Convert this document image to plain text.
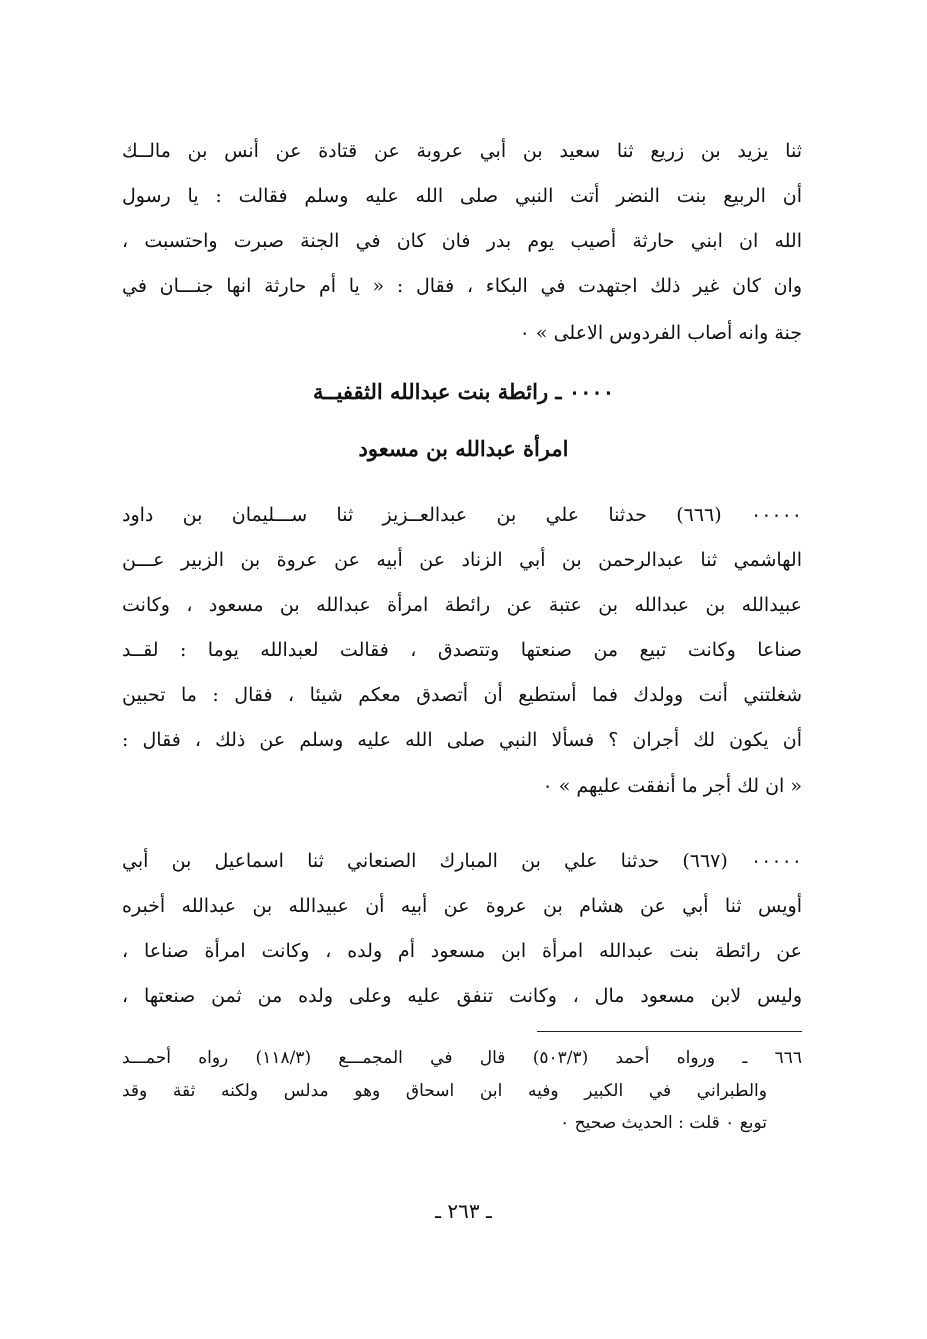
ثنا يزيد بن زريع ثنا سعيد بن أبي عروبة عن قتادة عن أنس بن مالــك
أن الربيع بنت النضر أتت النبي صلى الله عليه وسلم فقالت : يا رسول
الله ان ابني حارثة أصيب يوم بدر فان كان في الجنة صبرت واحتسبت ،
وان كان غير ذلك اجتهدت في البكاء ، فقال : « يا أم حارثة انها جنـــان في
جنة وانه أصاب الفردوس الاعلى » ٠
٠٠٠٠ ـ رائطة بنت عبدالله الثقفيــة
امرأة عبدالله بن مسعود
٠٠٠٠٠ (٦٦٦) حدثنا علي بن عبدالعــزيز ثنا ســـليمان بن داود
الهاشمي ثنا عبدالرحمن بن أبي الزناد عن أبيه عن عروة بن الزبير عـــن
عبيدالله بن عبدالله بن عتبة عن رائطة امرأة عبدالله بن مسعود ، وكانت
صناعا وكانت تبيع من صنعتها وتتصدق ، فقالت لعبدالله يوما : لقــد
شغلتني أنت وولدك فما أستطيع أن أتصدق معكم شيئا ، فقال : ما تحبين
أن يكون لك أجران ؟ فسألا النبي صلى الله عليه وسلم عن ذلك ، فقال :
« ان لك أجر ما أنفقت عليهم » ٠
٠٠٠٠٠ (٦٦٧) حدثنا علي بن المبارك الصنعاني ثنا اسماعيل بن أبي
أويس ثنا أبي عن هشام بن عروة عن أبيه أن عبيدالله بن عبدالله أخبره
عن رائطة بنت عبدالله امرأة ابن مسعود أم ولده ، وكانت امرأة صناعا ،
وليس لابن مسعود مال ، وكانت تنفق عليه وعلى ولده من ثمن صنعتها ،
٦٦٦ ـ ورواه أحمد (٥٠٣/٣) قال في المجمـــع (١١٨/٣) رواه أحمـــد
والطبراني في الكبير وفيه ابن اسحاق وهو مدلس ولكنه ثقة وقد
توبع ٠ قلت : الحديث صحيح ٠
ـ ٢٦٣ ـ
